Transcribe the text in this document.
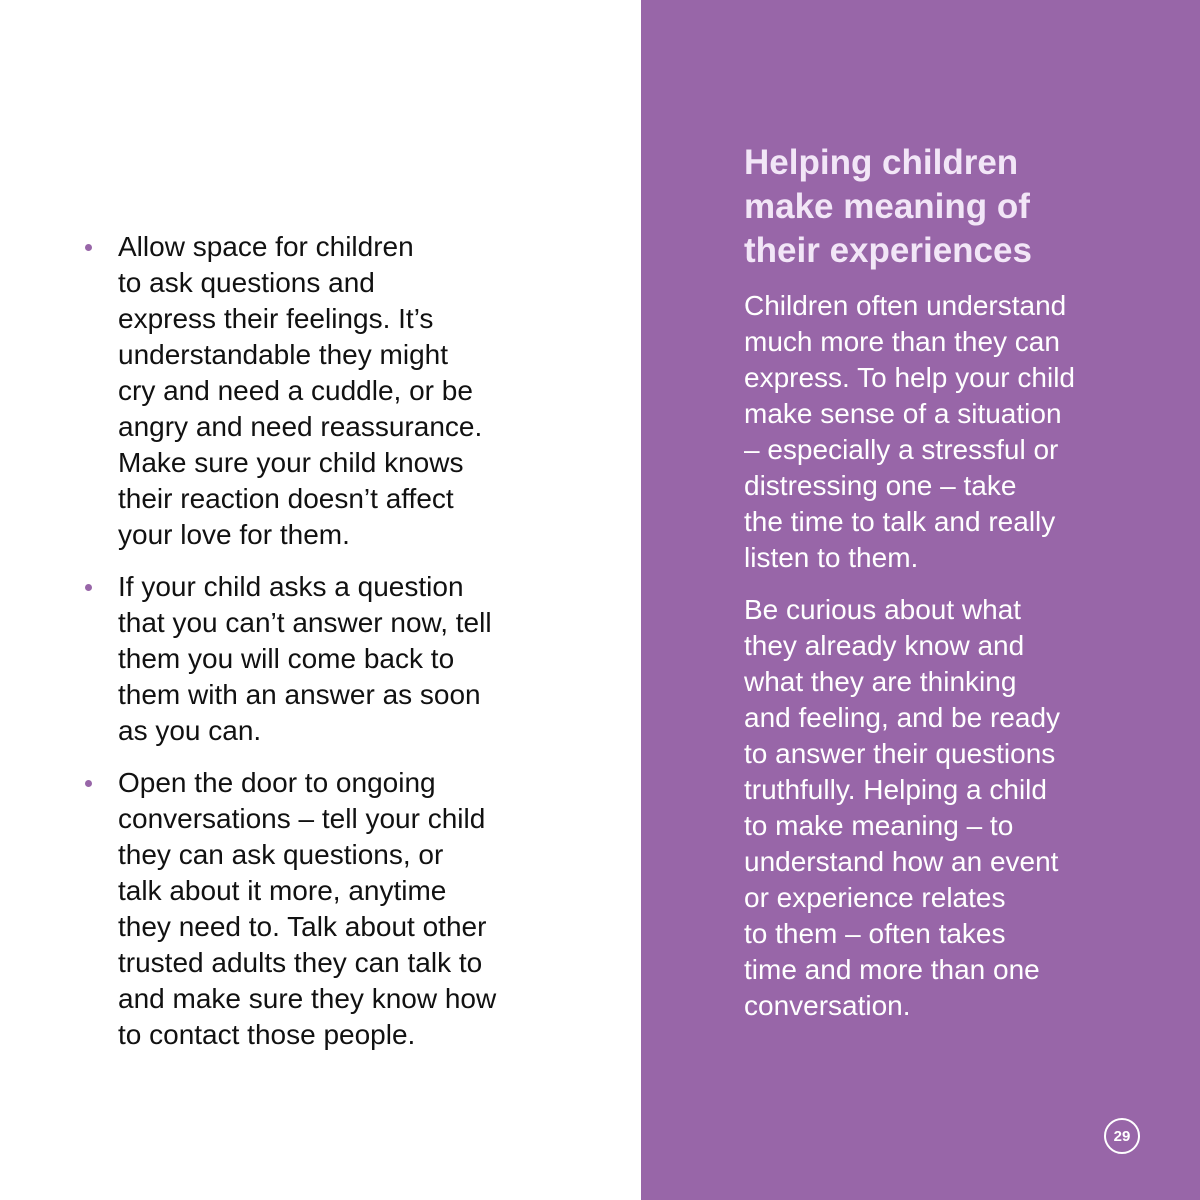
Allow space for children
to ask questions and
express their feelings. It’s
understandable they might
cry and need a cuddle, or be
angry and need reassurance.
Make sure your child knows
their reaction doesn’t affect
your love for them.
If your child asks a question
that you can’t answer now, tell
them you will come back to
them with an answer as soon
as you can.
Open the door to ongoing
conversations – tell your child
they can ask questions, or
talk about it more, anytime
they need to. Talk about other
trusted adults they can talk to
and make sure they know how
to contact those people.
Helping children
make meaning of
their experiences

Children often understand
much more than they can
express. To help your child
make sense of a situation
– especially a stressful or
distressing one – take
the time to talk and really
listen to them.

Be curious about what
they already know and
what they are thinking
and feeling, and be ready
to answer their questions
truthfully. Helping a child
to make meaning – to
understand how an event
or experience relates
to them – often takes
time and more than one
conversation.

29
